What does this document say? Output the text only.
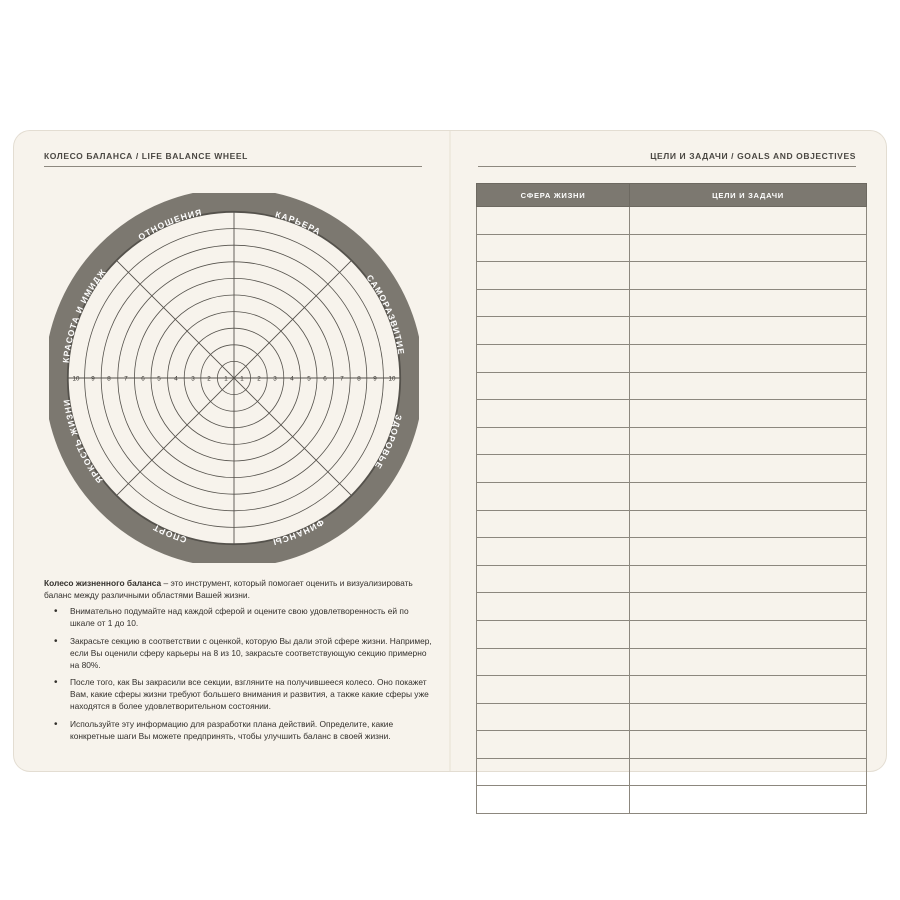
КОЛЕСО БАЛАНСА / LIFE BALANCE WHEEL
10 9 8 7 6 5 4 3 2 1 1 2 3 4 5 6 7 8 9 10
КАРЬЕРА
САМОРАЗВИТИЕ
ЗДОРОВЬЕ
ФИНАНСЫ
СПОРТ
ЯРКОСТЬ ЖИЗНИ
КРАСОТА И ИМИДЖ
ОТНОШЕНИЯ

Колесо жизненного баланса – это инструмент, который помогает оценить и визуализировать баланс между различными областями Вашей жизни.

• Внимательно подумайте над каждой сферой и оцените свою удовлетворенность ей по шкале от 1 до 10.
• Закрасьте секцию в соответствии с оценкой, которую Вы дали этой сфере жизни. Например, если Вы оценили сферу карьеры на 8 из 10, закрасьте соответствующую секцию примерно на 80%.
• После того, как Вы закрасили все секции, взгляните на получившееся колесо. Оно покажет Вам, какие сферы жизни требуют большего внимания и развития, а также какие сферы уже находятся в более удовлетворительном состоянии.
• Используйте эту информацию для разработки плана действий. Определите, какие конкретные шаги Вы можете предпринять, чтобы улучшить баланс в своей жизни.
ЦЕЛИ И ЗАДАЧИ / GOALS AND OBJECTIVES
СФЕРА ЖИЗНИ	ЦЕЛИ И ЗАДАЧИ
